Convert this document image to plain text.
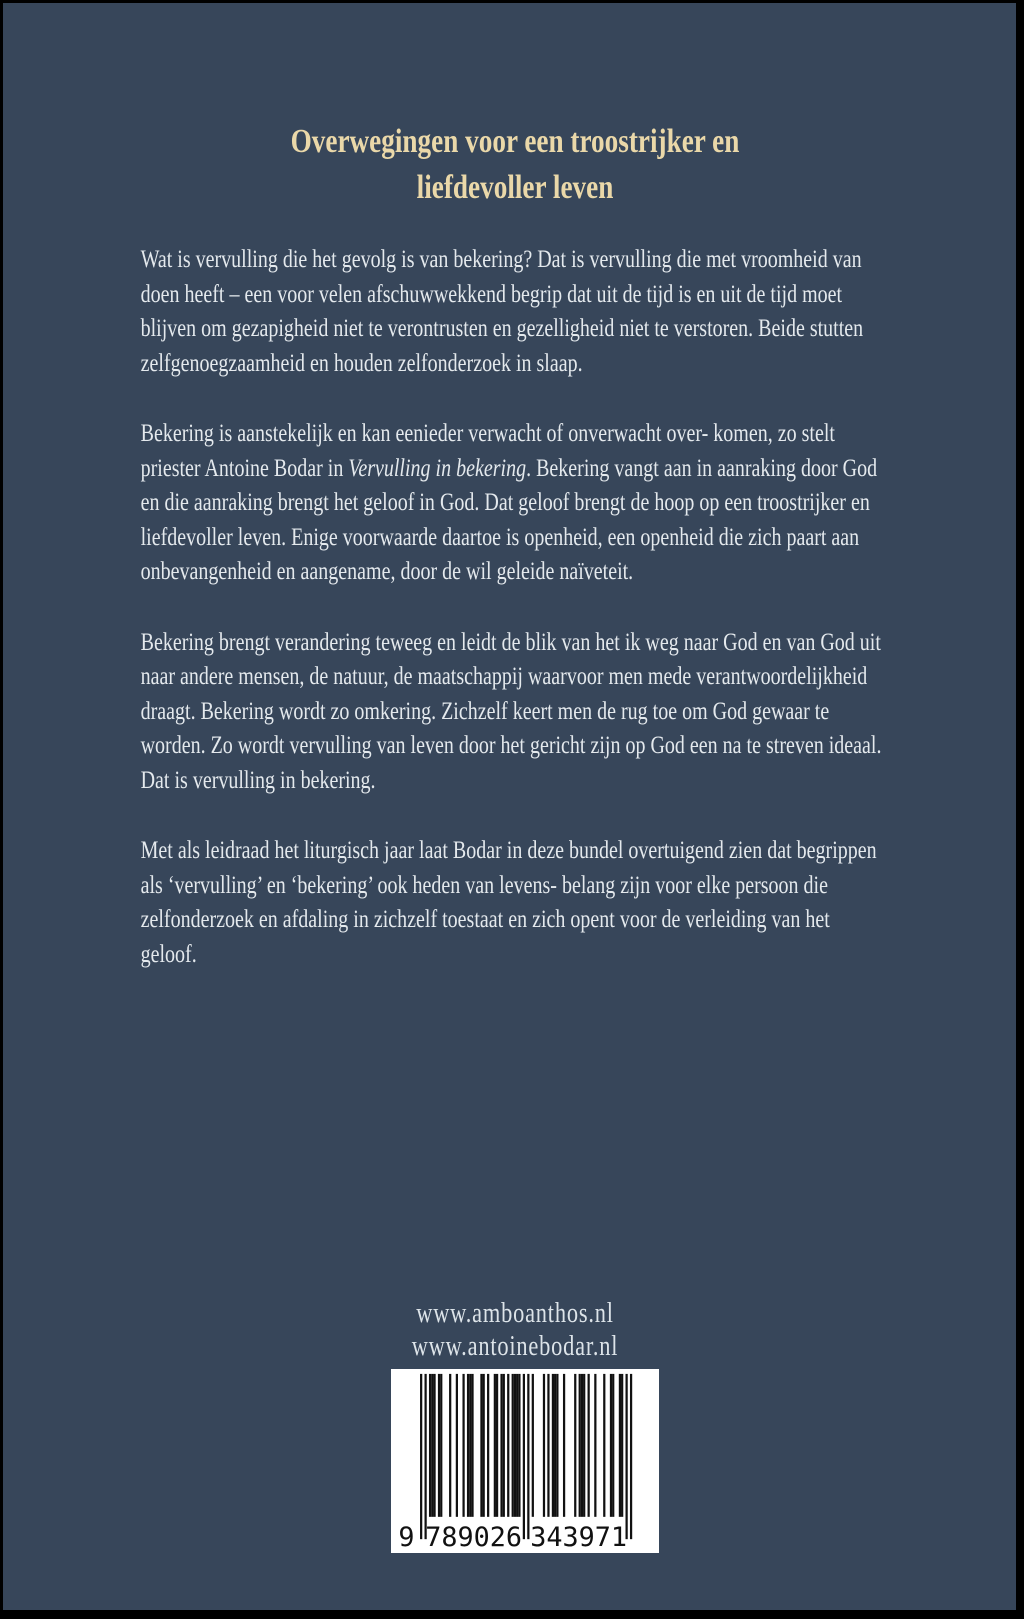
Overwegingen voor een troostrijker en
liefdevoller leven

Wat is vervulling die het gevolg is van bekering? Dat is vervulling die met vroomheid van doen heeft – een voor velen afschuwwekkend begrip dat uit de tijd is en uit de tijd moet blijven om gezapigheid niet te verontrusten en gezelligheid niet te verstoren. Beide stutten zelfgenoegzaamheid en houden zelfonderzoek in slaap.

Bekering is aanstekelijk en kan eenieder verwacht of onverwacht over- komen, zo stelt priester Antoine Bodar in Vervulling in bekering. Bekering vangt aan in aanraking door God en die aanraking brengt het geloof in God. Dat geloof brengt de hoop op een troostrijker en liefdevoller leven. Enige voorwaarde daartoe is openheid, een openheid die zich paart aan onbevangenheid en aangename, door de wil geleide naïveteit.

Bekering brengt verandering teweeg en leidt de blik van het ik weg naar God en van God uit naar andere mensen, de natuur, de maatschappij waarvoor men mede verantwoordelijkheid draagt. Bekering wordt zo omkering. Zichzelf keert men de rug toe om God gewaar te worden. Zo wordt vervulling van leven door het gericht zijn op God een na te streven ideaal. Dat is vervulling in bekering.

Met als leidraad het liturgisch jaar laat Bodar in deze bundel overtuigend zien dat begrippen als ‘vervulling’ en ‘bekering’ ook heden van levens- belang zijn voor elke persoon die zelfonderzoek en afdaling in zichzelf toestaat en zich opent voor de verleiding van het geloof.

www.amboanthos.nl
www.antoinebodar.nl
9 789026 343971
